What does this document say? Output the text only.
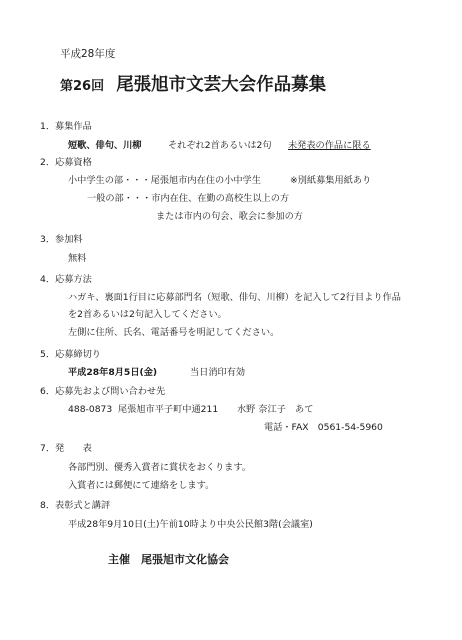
平成28年度
第26回 尾張旭市文芸大会作品募集
1．募集作品
短歌、俳句、川柳	それぞれ2首あるいは2句 未発表の作品に限る
2．応募資格
小中学生の部・・・尾張旭市内在住の小中学生	※別紙募集用紙あり
一般の部・・・市内在住、在勤の高校生以上の方
または市内の句会、歌会に参加の方
3．参加料
無料
4．応募方法
ハガキ、裏面1行目に応募部門名（短歌、俳句、川柳）を記入して2行目より作品
を2首あるいは2句記入してください。
左側に住所、氏名、電話番号を明記してください。
5．応募締切り
平成28年8月5日(金)	当日消印有効
6．応募先および問い合わせ先
488-0873 尾張旭市平子町中通211 水野 奈江子　あて
電話・FAX　0561-54-5960
7．発　　表
各部門別、優秀入賞者に賞状をおくります。
入賞者には郵便にて連絡をします。
8．表彰式と講評
平成28年9月10日(土)午前10時より中央公民館3階(会議室)
主催　尾張旭市文化協会
